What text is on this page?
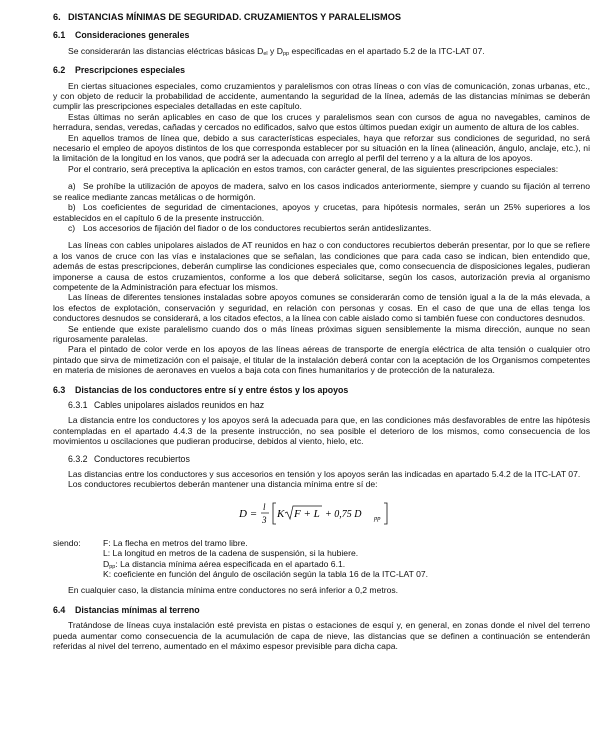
6. DISTANCIAS MÍNIMAS DE SEGURIDAD. CRUZAMIENTOS Y PARALELISMOS
6.1 Consideraciones generales

Se considerarán las distancias eléctricas básicas $D_{el}$ y $D_{pp}$ especificadas en el apartado 5.2 de la ITC-LAT 07.

6.2 Prescripciones especiales

En ciertas situaciones especiales, como cruzamientos y paralelismos con otras líneas o con vías de comunicación, zonas urbanas, etc., y con objeto de reducir la probabilidad de accidente, aumentando la seguridad de la línea, además de las distancias mínimas se deberán cumplir las prescripciones especiales detalladas en este capítulo.

Estas últimas no serán aplicables en caso de que los cruces y paralelismos sean con cursos de agua no navegables, caminos de herradura, sendas, veredas, cañadas y cercados no edificados, salvo que estos últimos puedan exigir un aumento de altura de los cables.

En aquellos tramos de línea que, debido a sus características especiales, haya que reforzar sus condiciones de seguridad, no será necesario el empleo de apoyos distintos de los que corresponda establecer por su situación en la línea (alineación, ángulo, anclaje, etc.), ni la limitación de la longitud en los vanos, que podrá ser la adecuada con arreglo al perfil del terreno y a la altura de los apoyos.

Por el contrario, será preceptiva la aplicación en estos tramos, con carácter general, de las siguientes prescripciones especiales:

a) Se prohíbe la utilización de apoyos de madera, salvo en los casos indicados anteriormente, siempre y cuando su fijación al terreno se realice mediante zancas metálicas o de hormigón.

b) Los coeficientes de seguridad de cimentaciones, apoyos y crucetas, para hipótesis normales, serán un 25% superiores a los establecidos en el capítulo 6 de la presente instrucción.

c) Los accesorios de fijación del fiador o de los conductores recubiertos serán antideslizantes.

Las líneas con cables unipolares aislados de AT reunidos en haz o con conductores recubiertos deberán presentar, por lo que se refiere a los vanos de cruce con las vías e instalaciones que se señalan, las condiciones que para cada caso se indican, bien entendido que, además de estas prescripciones, deberán cumplirse las condiciones especiales que, como consecuencia de disposiciones legales, pudieran imponerse a causa de estos cruzamientos, conforme a los que deberá solicitarse, según los casos, autorización previa al organismo competente de la Administración para efectuar los mismos.

Las líneas de diferentes tensiones instaladas sobre apoyos comunes se considerarán como de tensión igual a la de la más elevada, a los efectos de explotación, conservación y seguridad, en relación con personas y cosas. En el caso de que una de ellas tenga los conductores desnudos se considerará, a los citados efectos, a la línea con cable aislado como si también fuese con conductores desnudos.

Se entiende que existe paralelismo cuando dos o más líneas próximas siguen sensiblemente la misma dirección, aunque no sean rigurosamente paralelas.

Para el pintado de color verde en los apoyos de las líneas aéreas de transporte de energía eléctrica de alta tensión o cualquier otro pintado que sirva de mimetización con el paisaje, el titular de la instalación deberá contar con la aceptación de los Organismos competentes en materia de misiones de aeronaves en vuelos a baja cota con fines humanitarios y de protección de la naturaleza.

6.3 Distancias de los conductores entre sí y entre éstos y los apoyos
6.3.1 Cables unipolares aislados reunidos en haz

La distancia entre los conductores y los apoyos será la adecuada para que, en las condiciones más desfavorables de entre las hipótesis contempladas en el apartado 4.4.3 de la presente instrucción, no sea posible el deterioro de los mismos, como consecuencia de los movimientos u oscilaciones que pudieran producirse, debidos al viento, hielo, etc.

6.3.2 Conductores recubiertos

Las distancias entre los conductores y sus accesorios en tensión y los apoyos serán las indicadas en apartado 5.4.2 de la ITC-LAT 07.

Los conductores recubiertos deberán mantener una distancia mínima entre sí de:

D =
l
3 K F + L + 0,75 D pp
siendo:	F: La flecha en metros del tramo libre.
L: La longitud en metros de la cadena de suspensión, si la hubiere.
$D_{pp}$: La distancia mínima aérea especificada en el apartado 6.1.
K: coeficiente en función del ángulo de oscilación según la tabla 16 de la ITC-LAT 07.

En cualquier caso, la distancia mínima entre conductores no será inferior a 0,2 metros.

6.4 Distancias mínimas al terreno

Tratándose de líneas cuya instalación esté prevista en pistas o estaciones de esquí y, en general, en zonas donde el nivel del terreno pueda aumentar como consecuencia de la acumulación de capa de nieve, las distancias que se definen a continuación se entenderán referidas al nivel del terreno, aumentado en el máximo espesor previsible para dicha capa.
